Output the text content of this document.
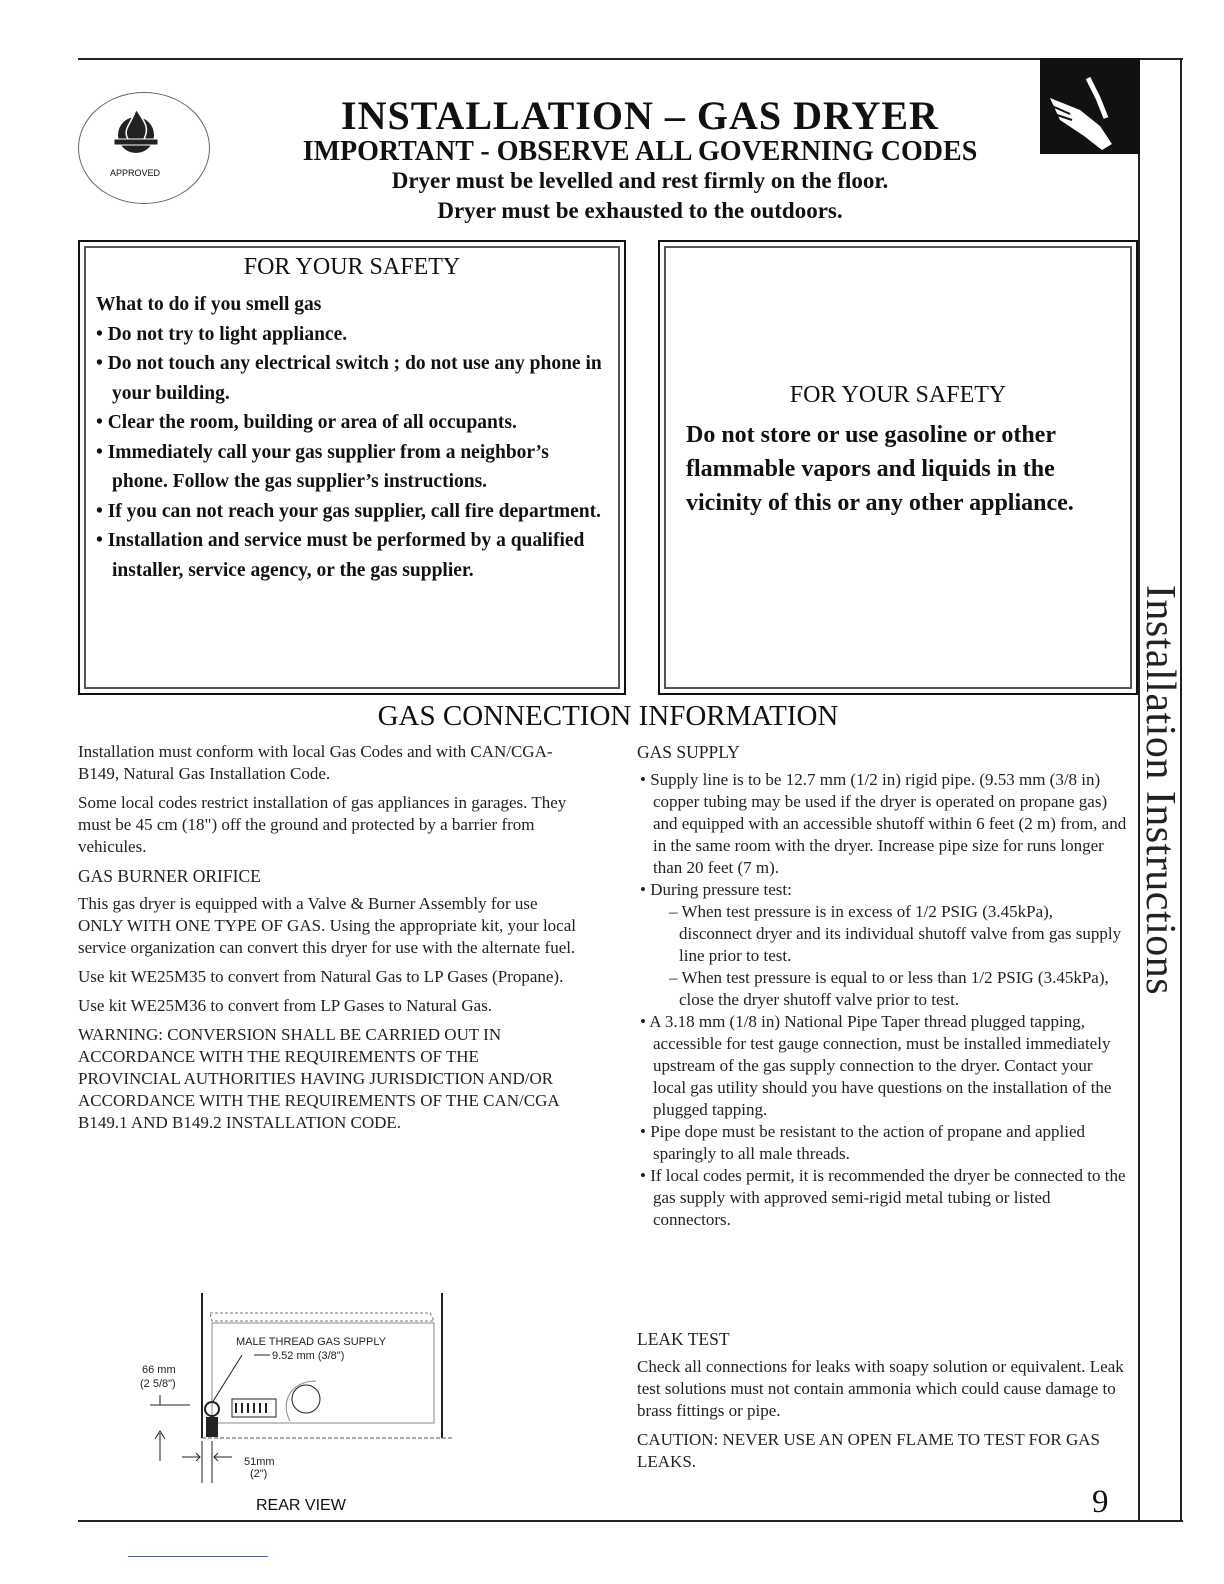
Installation Instructions
APPROVED
INSTALLATION – GAS DRYER
IMPORTANT - OBSERVE ALL GOVERNING CODES
Dryer must be levelled and rest firmly on the floor.
Dryer must be exhausted to the outdoors.
FOR YOUR SAFETY
What to do if you smell gas
• Do not try to light appliance.
• Do not touch any electrical switch ; do not use any phone in your building.
• Clear the room, building or area of all occupants.
• Immediately call your gas supplier from a neighbor’s phone. Follow the gas supplier’s instructions.
• If you can not reach your gas supplier, call fire department.
• Installation and service must be performed by a qualified installer, service agency, or the gas supplier.
FOR YOUR SAFETY
Do not store or use gasoline or other flammable vapors and liquids in the vicinity of this or any other appliance.
GAS CONNECTION INFORMATION

Installation must conform with local Gas Codes and with CAN/CGA-B149, Natural Gas Installation Code.

Some local codes restrict installation of gas appliances in garages. They must be 45 cm (18") off the ground and protected by a barrier from vehicules.

GAS BURNER ORIFICE

This gas dryer is equipped with a Valve & Burner Assembly for use ONLY WITH ONE TYPE OF GAS. Using the appropriate kit, your local service organization can convert this dryer for use with the alternate fuel.

Use kit WE25M35 to convert from Natural Gas to LP Gases (Propane).

Use kit WE25M36 to convert from LP Gases to Natural Gas.

WARNING: CONVERSION SHALL BE CARRIED OUT IN ACCORDANCE WITH THE REQUIREMENTS OF THE PROVINCIAL AUTHORITIES HAVING JURISDICTION AND/OR ACCORDANCE WITH THE REQUIREMENTS OF THE CAN/CGA B149.1 AND B149.2 INSTALLATION CODE.

MALE THREAD GAS SUPPLY
9.52 mm (3/8")
66 mm
(2 5/8")
51mm
(2")
REAR VIEW

GAS SUPPLY

• Supply line is to be 12.7 mm (1/2 in) rigid pipe. (9.53 mm (3/8 in) copper tubing may be used if the dryer is operated on propane gas) and equipped with an accessible shutoff within 6 feet (2 m) from, and in the same room with the dryer. Increase pipe size for runs longer than 20 feet (7 m).

• During pressure test:

– When test pressure is in excess of 1/2 PSIG (3.45kPa), disconnect dryer and its individual shutoff valve from gas supply line prior to test.

– When test pressure is equal to or less than 1/2 PSIG (3.45kPa), close the dryer shutoff valve prior to test.

• A 3.18 mm (1/8 in) National Pipe Taper thread plugged tapping, accessible for test gauge connection, must be installed immediately upstream of the gas supply connection to the dryer. Contact your local gas utility should you have questions on the installation of the plugged tapping.

• Pipe dope must be resistant to the action of propane and applied sparingly to all male threads.

• If local codes permit, it is recommended the dryer be connected to the gas supply with approved semi-rigid metal tubing or listed connectors.

LEAK TEST

Check all connections for leaks with soapy solution or equivalent. Leak test solutions must not contain ammonia which could cause damage to brass fittings or pipe.

CAUTION: NEVER USE AN OPEN FLAME TO TEST FOR GAS LEAKS.

9
